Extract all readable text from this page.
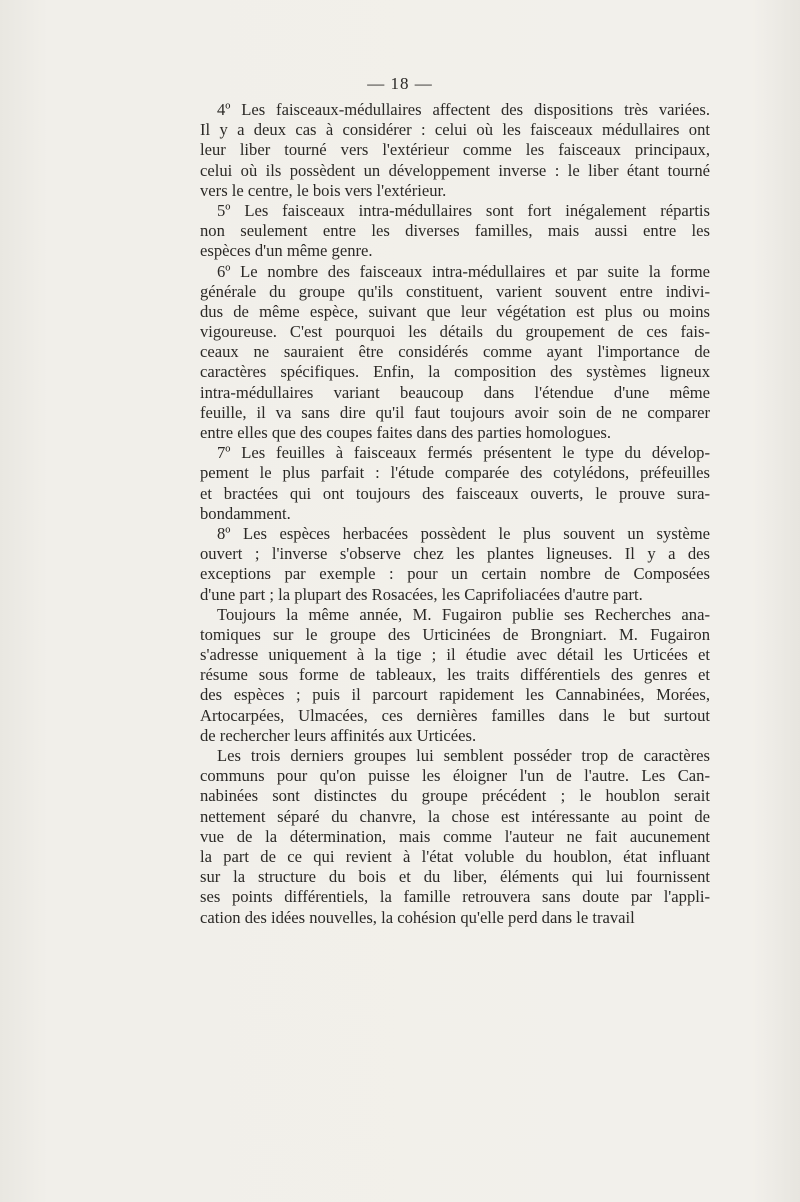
— 18 —
4º Les faisceaux-médullaires affectent des dispositions très variées.
Il y a deux cas à considérer : celui où les faisceaux médullaires ont
leur liber tourné vers l'extérieur comme les faisceaux principaux,
celui où ils possèdent un développement inverse : le liber étant tourné
vers le centre, le bois vers l'extérieur.
5º Les faisceaux intra-médullaires sont fort inégalement répartis
non seulement entre les diverses familles, mais aussi entre les
espèces d'un même genre.
6º Le nombre des faisceaux intra-médullaires et par suite la forme
générale du groupe qu'ils constituent, varient souvent entre indivi-
dus de même espèce, suivant que leur végétation est plus ou moins
vigoureuse. C'est pourquoi les détails du groupement de ces fais-
ceaux ne sauraient être considérés comme ayant l'importance de
caractères spécifiques. Enfin, la composition des systèmes ligneux
intra-médullaires variant beaucoup dans l'étendue d'une même
feuille, il va sans dire qu'il faut toujours avoir soin de ne comparer
entre elles que des coupes faites dans des parties homologues.
7º Les feuilles à faisceaux fermés présentent le type du dévelop-
pement le plus parfait : l'étude comparée des cotylédons, préfeuilles
et bractées qui ont toujours des faisceaux ouverts, le prouve sura-
bondamment.
8º Les espèces herbacées possèdent le plus souvent un système
ouvert ; l'inverse s'observe chez les plantes ligneuses. Il y a des
exceptions par exemple : pour un certain nombre de Composées
d'une part ; la plupart des Rosacées, les Caprifoliacées d'autre part.
Toujours la même année, M. Fugairon publie ses Recherches ana-
tomiques sur le groupe des Urticinées de Brongniart. M. Fugairon
s'adresse uniquement à la tige ; il étudie avec détail les Urticées et
résume sous forme de tableaux, les traits différentiels des genres et
des espèces ; puis il parcourt rapidement les Cannabinées, Morées,
Artocarpées, Ulmacées, ces dernières familles dans le but surtout
de rechercher leurs affinités aux Urticées.
Les trois derniers groupes lui semblent posséder trop de caractères
communs pour qu'on puisse les éloigner l'un de l'autre. Les Can-
nabinées sont distinctes du groupe précédent ; le houblon serait
nettement séparé du chanvre, la chose est intéressante au point de
vue de la détermination, mais comme l'auteur ne fait aucunement
la part de ce qui revient à l'état voluble du houblon, état influant
sur la structure du bois et du liber, éléments qui lui fournissent
ses points différentiels, la famille retrouvera sans doute par l'appli-
cation des idées nouvelles, la cohésion qu'elle perd dans le travail
